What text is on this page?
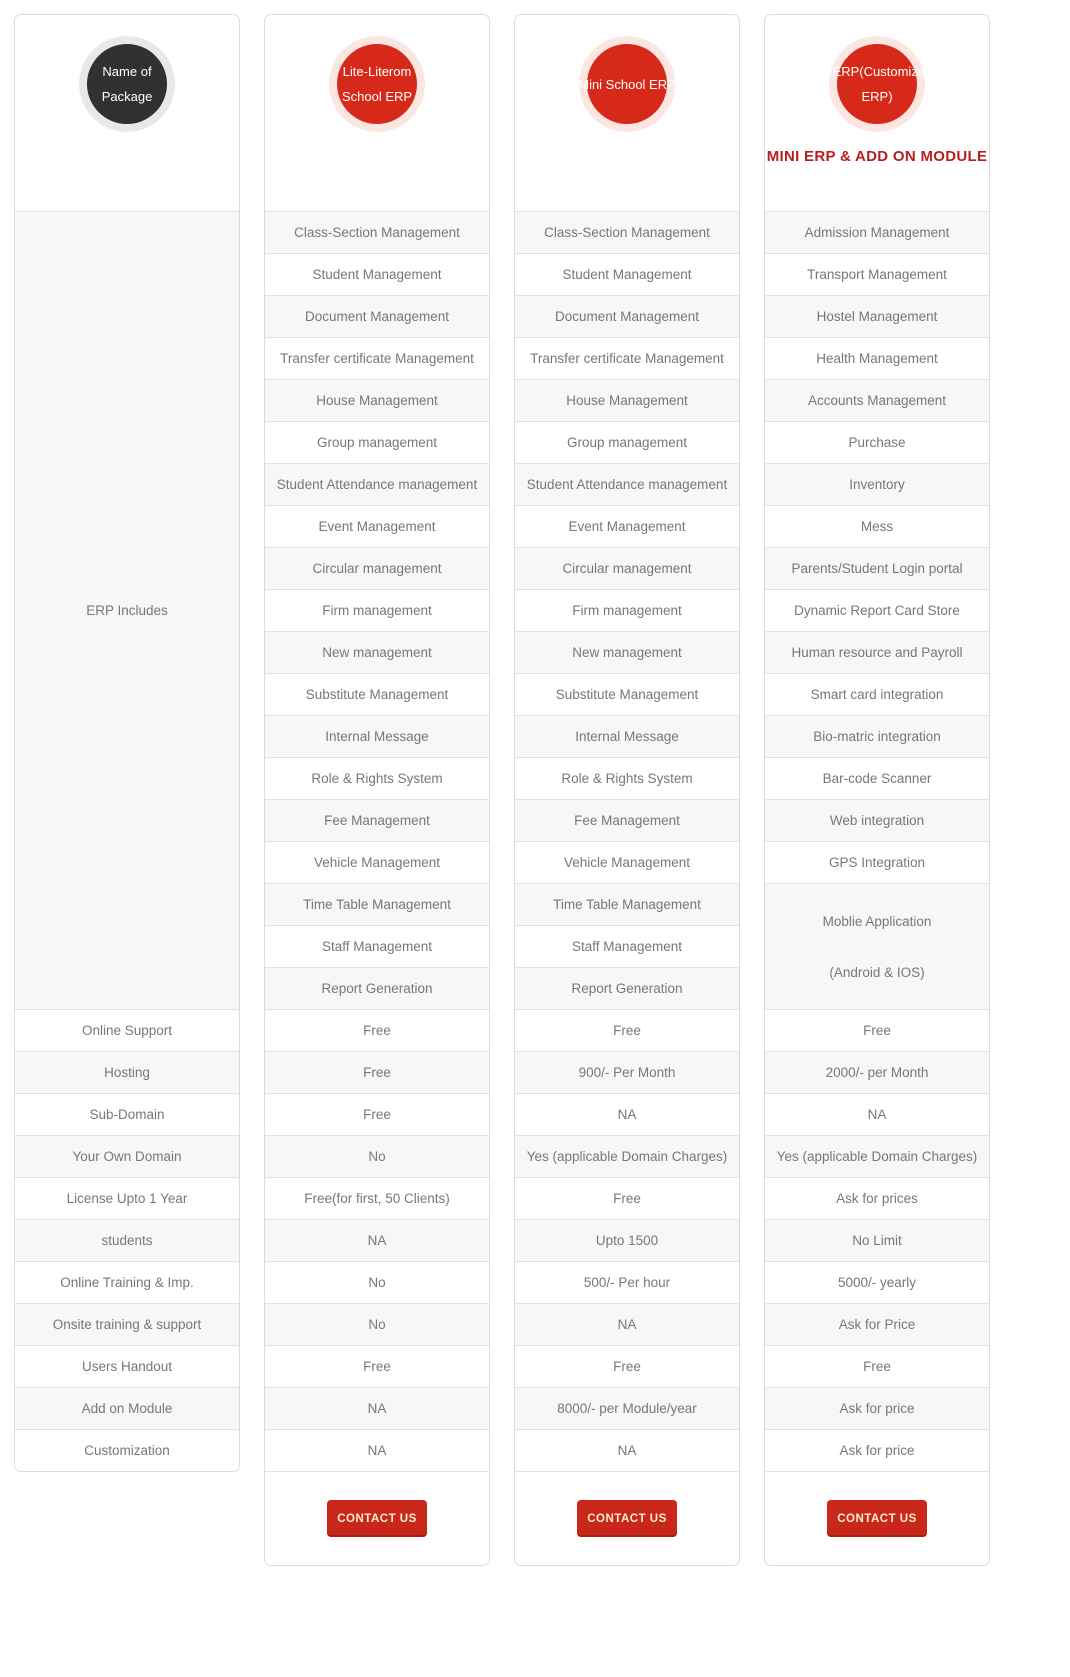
Name of
Package
ERP Includes
Online Support
Hosting
Sub-Domain
Your Own Domain
License Upto 1 Year
students
Online Training & Imp.
Onsite training & support
Users Handout
Add on Module
Customization
Lite-Literom
School ERP
Class-Section Management
Student Management
Document Management
Transfer certificate Management
House Management
Group management
Student Attendance management
Event Management
Circular management
Firm management
New management
Substitute Management
Internal Message
Role & Rights System
Fee Management
Vehicle Management
Time Table Management
Staff Management
Report Generation
Free
Free
Free
No
Free(for first, 50 Clients)
NA
No
No
Free
NA
NA
CONTACT US
Mini School ERP
Class-Section Management
Student Management
Document Management
Transfer certificate Management
House Management
Group management
Student Attendance management
Event Management
Circular management
Firm management
New management
Substitute Management
Internal Message
Role & Rights System
Fee Management
Vehicle Management
Time Table Management
Staff Management
Report Generation
Free
900/- Per Month
NA
Yes (applicable Domain Charges)
Free
Upto 1500
500/- Per hour
NA
Free
8000/- per Module/year
NA
CONTACT US
IERP(Customize
ERP)
MINI ERP & ADD ON MODULE
Admission Management
Transport Management
Hostel Management
Health Management
Accounts Management
Purchase
Inventory
Mess
Parents/Student Login portal
Dynamic Report Card Store
Human resource and Payroll
Smart card integration
Bio-matric integration
Bar-code Scanner
Web integration
GPS Integration
Moblie Application
(Android & IOS)
Free
2000/- per Month
NA
Yes (applicable Domain Charges)
Ask for prices
No Limit
5000/- yearly
Ask for Price
Free
Ask for price
Ask for price
CONTACT US
